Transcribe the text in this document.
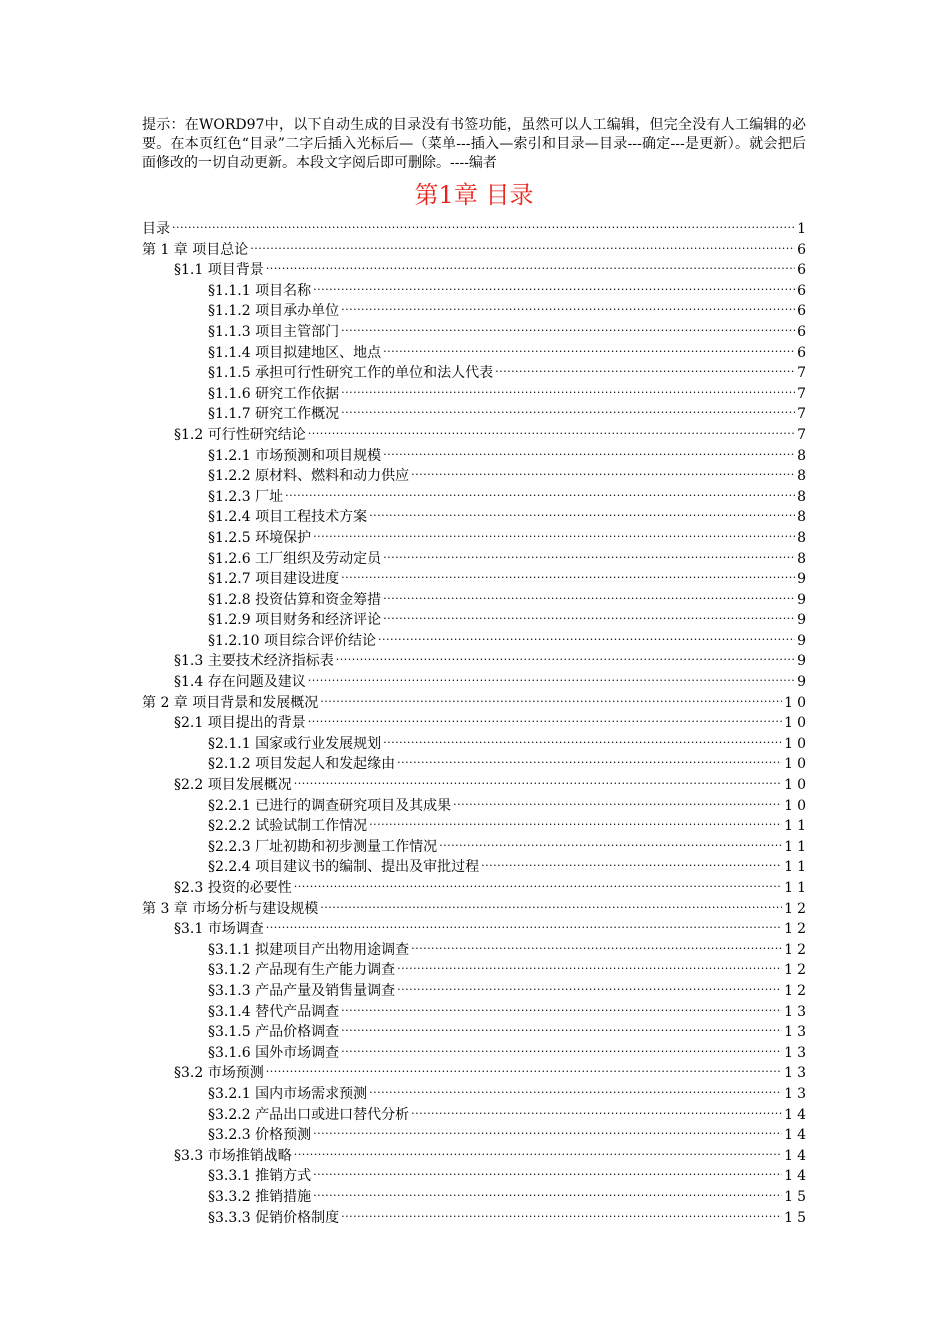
提示：在WORD97中，以下自动生成的目录没有书签功能，虽然可以人工编辑，但完全没有人工编辑的必要。在本页红色“目录”二字后插入光标后—（菜单---插入—索引和目录—目录---确定---是更新）。就会把后面修改的一切自动更新。本段文字阅后即可删除。----编者

第1章 目录
目录 .....	1
第 1 章 项目总论 .....	6
§1.1 项目背景 .....	6
§1.1.1 项目名称 .....	6
§1.1.2 项目承办单位 .....	6
§1.1.3 项目主管部门 .....	6
§1.1.4 项目拟建地区、地点 .....	6
§1.1.5 承担可行性研究工作的单位和法人代表 .....	7
§1.1.6 研究工作依据 .....	7
§1.1.7 研究工作概况 .....	7
§1.2 可行性研究结论 .....	7
§1.2.1 市场预测和项目规模 .....	8
§1.2.2 原材料、燃料和动力供应 .....	8
§1.2.3 厂址 .....	8
§1.2.4 项目工程技术方案 .....	8
§1.2.5 环境保护 .....	8
§1.2.6 工厂组织及劳动定员 .....	8
§1.2.7 项目建设进度 .....	9
§1.2.8 投资估算和资金筹措 .....	9
§1.2.9 项目财务和经济评论 .....	9
§1.2.10 项目综合评价结论 .....	9
§1.3 主要技术经济指标表 .....	9
§1.4 存在问题及建议 .....	9
第 2 章 项目背景和发展概况 .....	10
§2.1 项目提出的背景 .....	10
§2.1.1 国家或行业发展规划 .....	10
§2.1.2 项目发起人和发起缘由 .....	10
§2.2 项目发展概况 .....	10
§2.2.1 已进行的调查研究项目及其成果 .....	10
§2.2.2 试验试制工作情况 .....	11
§2.2.3 厂址初勘和初步测量工作情况 .....	11
§2.2.4 项目建议书的编制、提出及审批过程 .....	11
§2.3 投资的必要性 .....	11
第 3 章 市场分析与建设规模 .....	12
§3.1 市场调查 .....	12
§3.1.1 拟建项目产出物用途调查 .....	12
§3.1.2 产品现有生产能力调查 .....	12
§3.1.3 产品产量及销售量调查 .....	12
§3.1.4 替代产品调查 .....	13
§3.1.5 产品价格调查 .....	13
§3.1.6 国外市场调查 .....	13
§3.2 市场预测 .....	13
§3.2.1 国内市场需求预测 .....	13
§3.2.2 产品出口或进口替代分析 .....	14
§3.2.3 价格预测 .....	14
§3.3 市场推销战略 .....	14
§3.3.1 推销方式 .....	14
§3.3.2 推销措施 .....	15
§3.3.3 促销价格制度 .....	15
